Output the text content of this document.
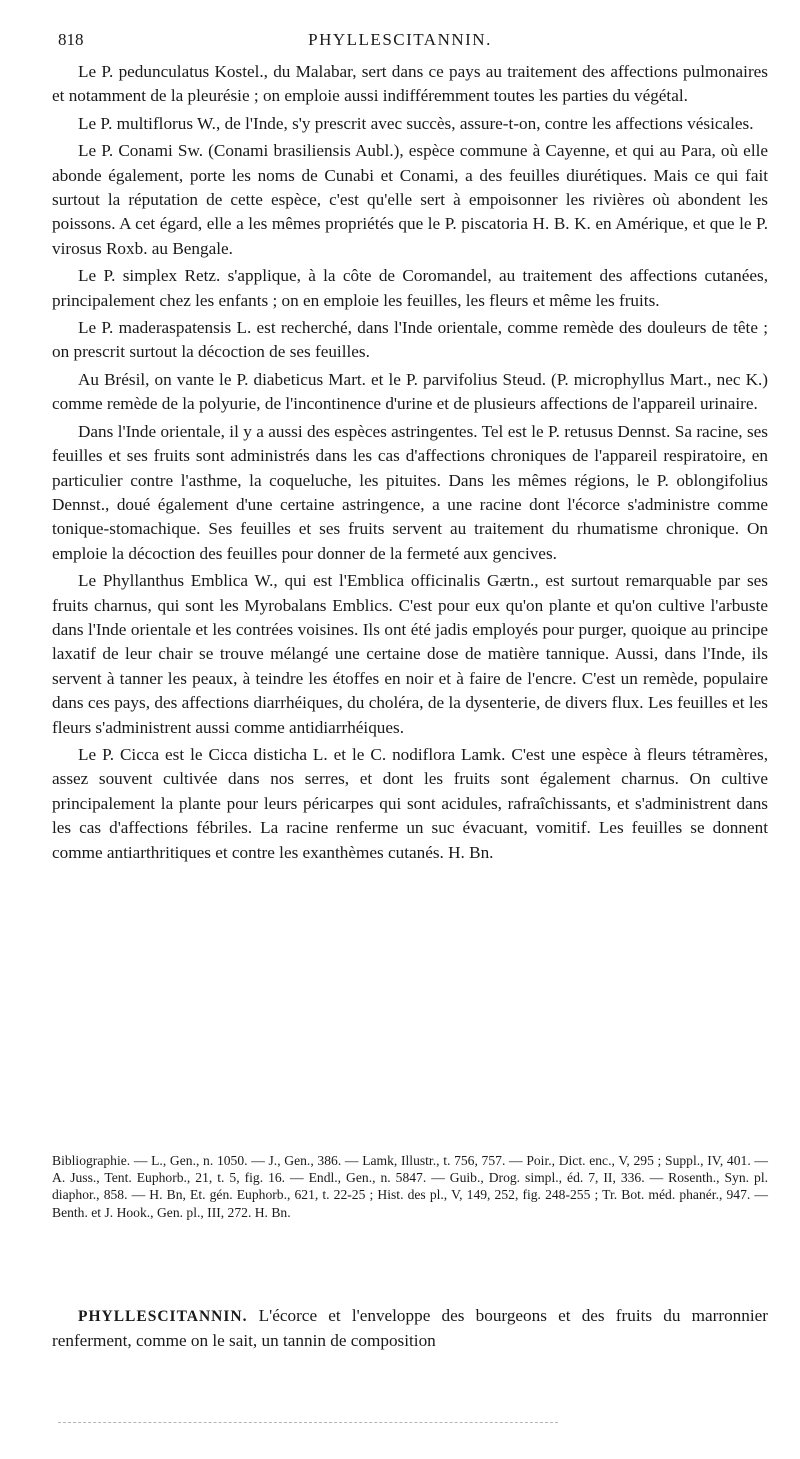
818	PHYLLESCITANNIN.

Le P. pedunculatus Kostel., du Malabar, sert dans ce pays au traitement des affections pulmonaires et notamment de la pleurésie ; on emploie aussi indifféremment toutes les parties du végétal.

Le P. multiflorus W., de l'Inde, s'y prescrit avec succès, assure-t-on, contre les affections vésicales.

Le P. Conami Sw. (Conami brasiliensis Aubl.), espèce commune à Cayenne, et qui au Para, où elle abonde également, porte les noms de Cunabi et Conami, a des feuilles diurétiques. Mais ce qui fait surtout la réputation de cette espèce, c'est qu'elle sert à empoisonner les rivières où abondent les poissons. A cet égard, elle a les mêmes propriétés que le P. piscatoria H. B. K. en Amérique, et que le P. virosus Roxb. au Bengale.

Le P. simplex Retz. s'applique, à la côte de Coromandel, au traitement des affections cutanées, principalement chez les enfants ; on en emploie les feuilles, les fleurs et même les fruits.

Le P. maderaspatensis L. est recherché, dans l'Inde orientale, comme remède des douleurs de tête ; on prescrit surtout la décoction de ses feuilles.

Au Brésil, on vante le P. diabeticus Mart. et le P. parvifolius Steud. (P. microphyllus Mart., nec K.) comme remède de la polyurie, de l'incontinence d'urine et de plusieurs affections de l'appareil urinaire.

Dans l'Inde orientale, il y a aussi des espèces astringentes. Tel est le P. retusus Dennst. Sa racine, ses feuilles et ses fruits sont administrés dans les cas d'affections chroniques de l'appareil respiratoire, en particulier contre l'asthme, la coqueluche, les pituites. Dans les mêmes régions, le P. oblongifolius Dennst., doué également d'une certaine astringence, a une racine dont l'écorce s'administre comme tonique-stomachique. Ses feuilles et ses fruits servent au traitement du rhumatisme chronique. On emploie la décoction des feuilles pour donner de la fermeté aux gencives.

Le Phyllanthus Emblica W., qui est l'Emblica officinalis Gærtn., est surtout remarquable par ses fruits charnus, qui sont les Myrobalans Emblics. C'est pour eux qu'on plante et qu'on cultive l'arbuste dans l'Inde orientale et les contrées voisines. Ils ont été jadis employés pour purger, quoique au principe laxatif de leur chair se trouve mélangé une certaine dose de matière tannique. Aussi, dans l'Inde, ils servent à tanner les peaux, à teindre les étoffes en noir et à faire de l'encre. C'est un remède, populaire dans ces pays, des affections diarrhéiques, du choléra, de la dysenterie, de divers flux. Les feuilles et les fleurs s'administrent aussi comme antidiarrhéiques.

Le P. Cicca est le Cicca disticha L. et le C. nodiflora Lamk. C'est une espèce à fleurs tétramères, assez souvent cultivée dans nos serres, et dont les fruits sont également charnus. On cultive principalement la plante pour leurs péricarpes qui sont acidules, rafraîchissants, et s'administrent dans les cas d'affections fébriles. La racine renferme un suc évacuant, vomitif. Les feuilles se donnent comme antiarthritiques et contre les exanthèmes cutanés. H. Bn.

Bibliographie. — L., Gen., n. 1050. — J., Gen., 386. — Lamk, Illustr., t. 756, 757. — Poir., Dict. enc., V, 295 ; Suppl., IV, 401. — A. Juss., Tent. Euphorb., 21, t. 5, fig. 16. — Endl., Gen., n. 5847. — Guib., Drog. simpl., éd. 7, II, 336. — Rosenth., Syn. pl. diaphor., 858. — H. Bn, Et. gén. Euphorb., 621, t. 22-25 ; Hist. des pl., V, 149, 252, fig. 248-255 ; Tr. Bot. méd. phanér., 947. — Benth. et J. Hook., Gen. pl., III, 272. H. Bn.

PHYLLESCITANNIN. L'écorce et l'enveloppe des bourgeons et des fruits du marronnier renferment, comme on le sait, un tannin de composition
